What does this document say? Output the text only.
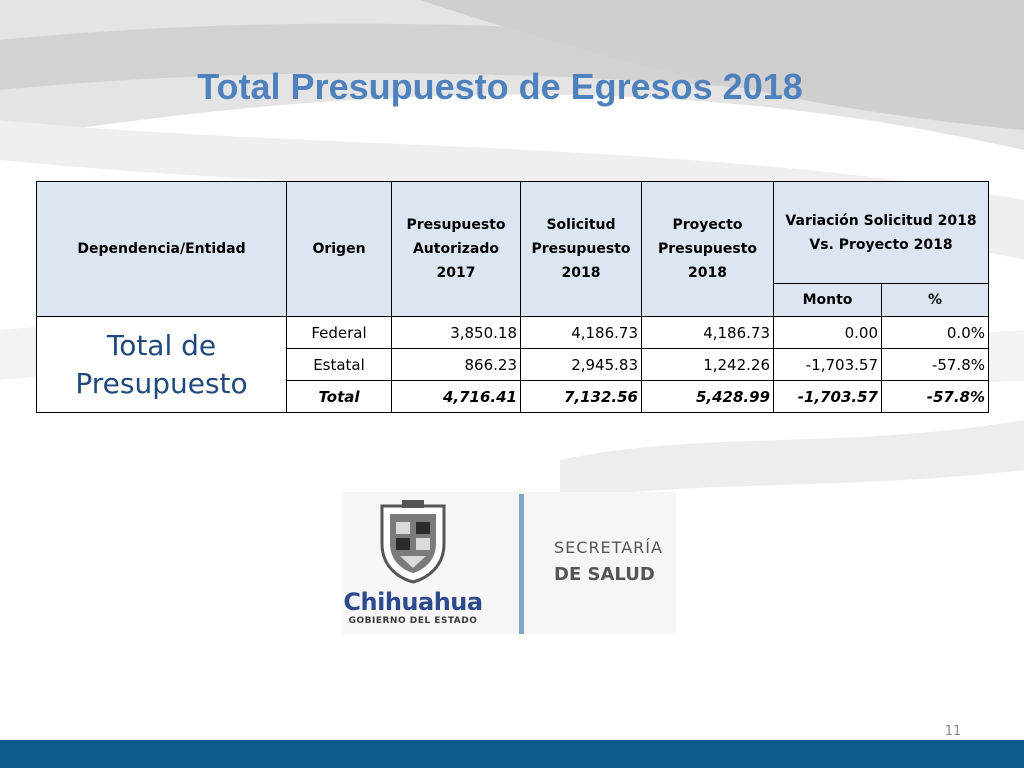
Total Presupuesto de Egresos 2018
Dependencia/Entidad	Origen	Presupuesto Autorizado 2017	Solicitud Presupuesto 2018	Proyecto Presupuesto 2018	Variación Solicitud 2018 Vs. Proyecto 2018	
					Monto	%
Total de Presupuesto	Federal	3,850.18	4,186.73	4,186.73	0.00	0.0%
	Estatal	866.23	2,945.83	1,242.26	-1,703.57	-57.8%
	Total	4,716.41	7,132.56	5,428.99	-1,703.57	-57.8%
Chihuahua
GOBIERNO DEL ESTADO
SECRETARÍA
DE SALUD
11
